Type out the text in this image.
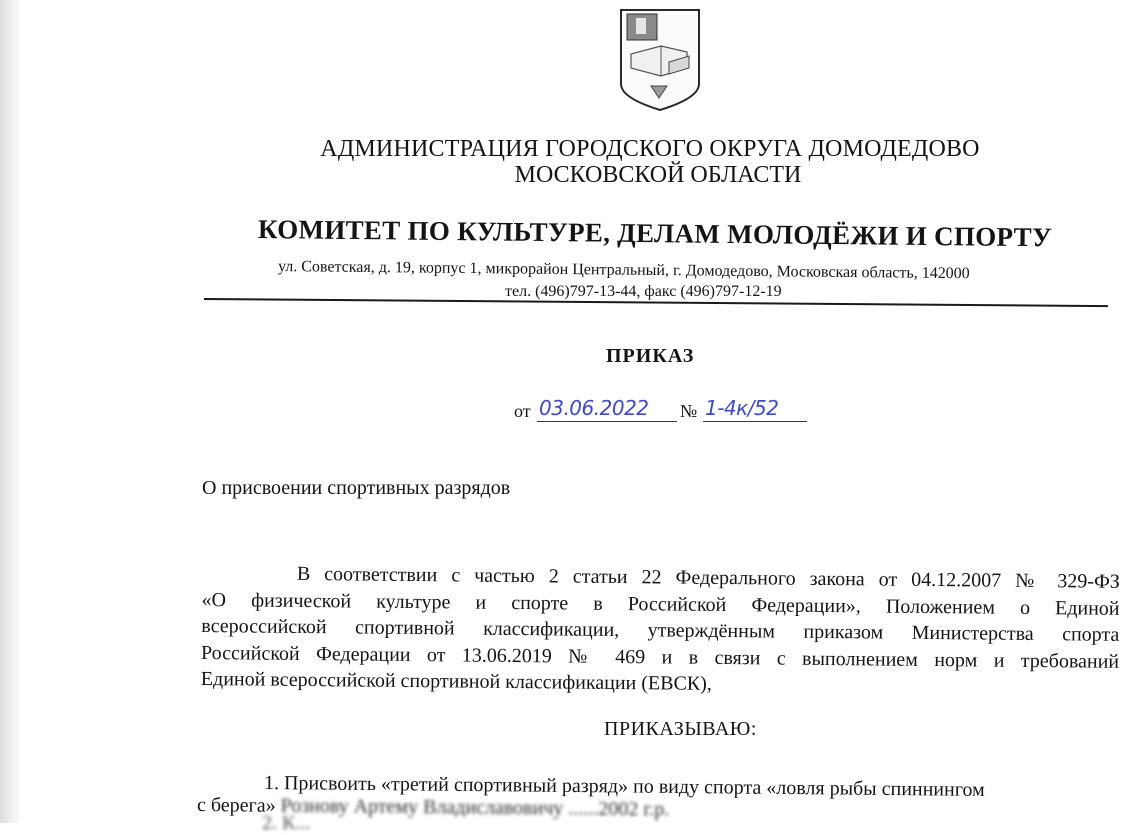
АДМИНИСТРАЦИЯ ГОРОДСКОГО ОКРУГА ДОМОДЕДОВО
МОСКОВСКОЙ ОБЛАСТИ
КОМИТЕТ ПО КУЛЬТУРЕ, ДЕЛАМ МОЛОДЁЖИ И СПОРТУ
ул. Советская, д. 19, корпус 1, микрорайон Центральный, г. Домодедово, Московская область, 142000
тел. (496)797-13-44, факс (496)797-12-19
ПРИКАЗ
от 03.06.2022 № 1-4к/52
О присвоении спортивных разрядов
В соответствии с частью 2 статьи 22 Федерального закона от 04.12.2007 № 329-ФЗ
«О физической культуре и спорте в Российской Федерации», Положением о Единой
всероссийской спортивной классификации, утверждённым приказом Министерства спорта
Российской Федерации от 13.06.2019 № 469 и в связи с выполнением норм и требований
Единой всероссийской спортивной классификации (ЕВСК),
ПРИКАЗЫВАЮ:
1. Присвоить «третий спортивный разряд» по виду спорта «ловля рыбы спиннингом
с берега» Рознову Артему Владиславовичу ......2002 г.р.
2. К...
